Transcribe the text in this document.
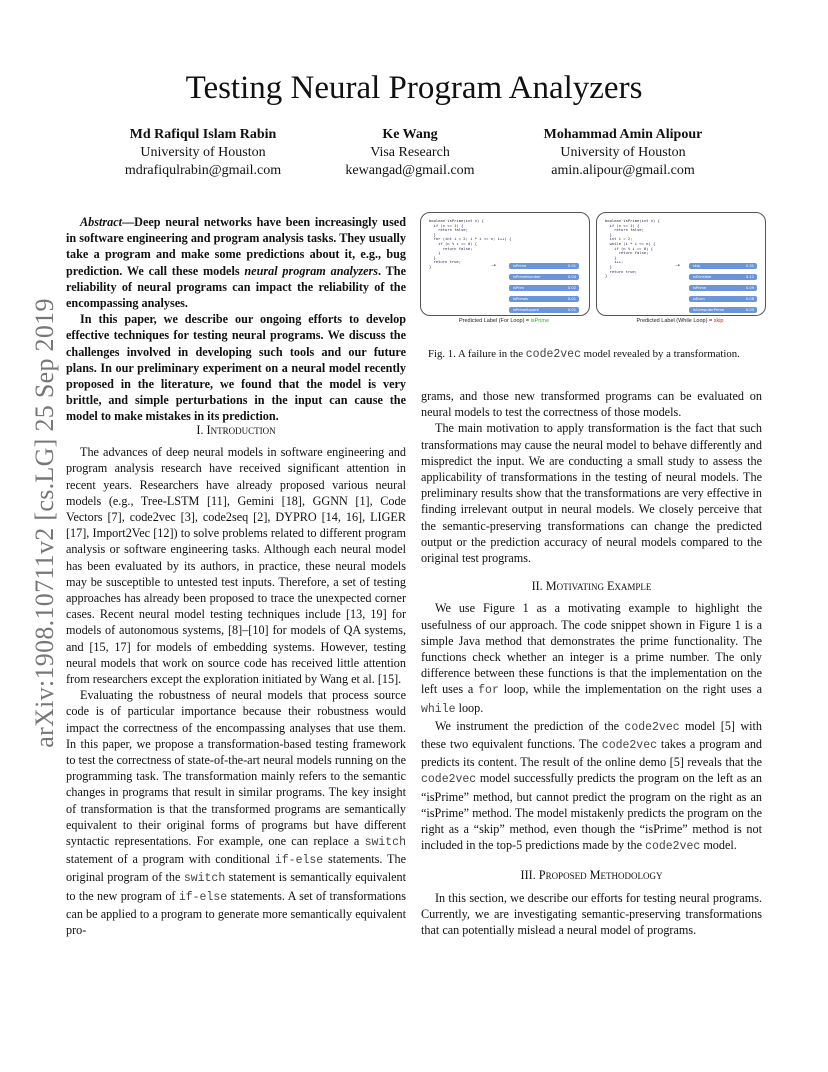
Testing Neural Program Analyzers
Md Rafiqul Islam Rabin
University of Houston
mdrafiqulrabin@gmail.com
Ke Wang
Visa Research
kewangad@gmail.com
Mohammad Amin Alipour
University of Houston
amin.alipour@gmail.com
arXiv:1908.10711v2 [cs.LG] 25 Sep 2019

Abstract—Deep neural networks have been increasingly used in software engineering and program analysis tasks. They usually take a program and make some predictions about it, e.g., bug prediction. We call these models neural program analyzers. The reliability of neural programs can impact the reliability of the encompassing analyses.

In this paper, we describe our ongoing efforts to develop effective techniques for testing neural programs. We discuss the challenges involved in developing such tools and our future plans. In our preliminary experiment on a neural model recently proposed in the literature, we found that the model is very brittle, and simple perturbations in the input can cause the model to make mistakes in its prediction.

boolean isPrime(int n) {
if (n <= 1) {
return false;
}
for (int i = 2; i * i <= n; i++) {
if (n % i == 0) {
return false;
}
}
return true;
}	➝	isPrime	0.91
isPrimeNumber	0.04
isPrim	0.02
isPrimes	0.01
isPrimeSquare	0.01
Predicted Label (For Loop) = isPrime
boolean isPrime(int n) {
if (n <= 1) {
return false;
}
int i = 2;
while (i * i <= n) {
if (n % i == 0) {
return false;
}
i++;
}
return true;
}
➝	skip	0.31
isDivisible	0.12
isPrime	0.09
isEven	0.08
isComputerPrime	0.05
Predicted Label (While Loop) = skip
Fig. 1. A failure in the code2vec model revealed by a transformation.
I. Introduction

The advances of deep neural models in software engineering and program analysis research have received significant attention in recent years. Researchers have already proposed various neural models (e.g., Tree-LSTM [11], Gemini [18], GGNN [1], Code Vectors [7], code2vec [3], code2seq [2], DYPRO [14, 16], LIGER [17], Import2Vec [12]) to solve problems related to different program analysis or software engineering tasks. Although each neural model has been evaluated by its authors, in practice, these neural models may be susceptible to untested test inputs. Therefore, a set of testing approaches has already been proposed to trace the unexpected corner cases. Recent neural model testing techniques include [13, 19] for models of autonomous systems, [8]–[10] for models of QA systems, and [15, 17] for models of embedding systems. However, testing neural models that work on source code has received little attention from researchers except the exploration initiated by Wang et al. [15].

Evaluating the robustness of neural models that process source code is of particular importance because their robustness would impact the correctness of the encompassing analyses that use them. In this paper, we propose a transformation-based testing framework to test the correctness of state-of-the-art neural models running on the programming task. The transformation mainly refers to the semantic changes in programs that result in similar programs. The key insight of transformation is that the transformed programs are semantically equivalent to their original forms of programs but have different syntactic representations. For example, one can replace a switch statement of a program with conditional if-else statements. The original program of the switch statement is semantically equivalent to the new program of if-else statements. A set of transformations can be applied to a program to generate more semantically equivalent pro-

grams, and those new transformed programs can be evaluated on neural models to test the correctness of those models.

The main motivation to apply transformation is the fact that such transformations may cause the neural model to behave differently and mispredict the input. We are conducting a small study to assess the applicability of transformations in the testing of neural models. The preliminary results show that the transformations are very effective in finding irrelevant output in neural models. We closely perceive that the semantic-preserving transformations can change the predicted output or the prediction accuracy of neural models compared to the original test programs.

II. Motivating Example

We use Figure 1 as a motivating example to highlight the usefulness of our approach. The code snippet shown in Figure 1 is a simple Java method that demonstrates the prime functionality. The functions check whether an integer is a prime number. The only difference between these functions is that the implementation on the left uses a for loop, while the implementation on the right uses a while loop.

We instrument the prediction of the code2vec model [5] with these two equivalent functions. The code2vec takes a program and predicts its content. The result of the online demo [5] reveals that the code2vec model successfully predicts the program on the left as an “isPrime” method, but cannot predict the program on the right as an “isPrime” method. The model mistakenly predicts the program on the right as a “skip” method, even though the “isPrime” method is not included in the top-5 predictions made by the code2vec model.

III. Proposed Methodology

In this section, we describe our efforts for testing neural programs. Currently, we are investigating semantic-preserving transformations that can potentially mislead a neural model of programs.
